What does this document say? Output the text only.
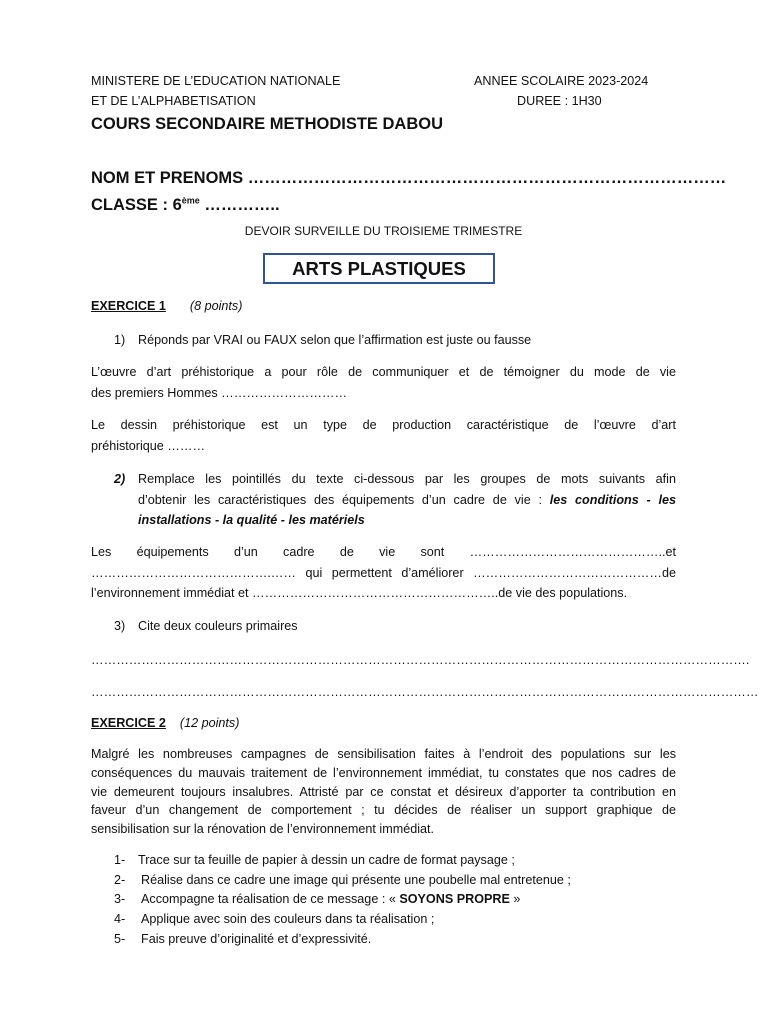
MINISTERE DE L’EDUCATION NATIONALE
ET DE L’ALPHABETISATION
ANNEE SCOLAIRE 2023-2024
DUREE : 1H30
COURS SECONDAIRE METHODISTE DABOU
NOM ET PRENOMS ……………………………………………………………………………
CLASSE : 6ème …………..
DEVOIR SURVEILLE DU TROISIEME TRIMESTRE
ARTS PLASTIQUES
EXERCICE 1 (8 points)
1) Réponds par VRAI ou FAUX selon que l’affirmation est juste ou fausse
L’œuvre d’art préhistorique a pour rôle de communiquer et de témoigner du mode de vie
des premiers Hommes …………………………
Le dessin préhistorique est un type de production caractéristique de l’œuvre d’art
préhistorique ………
2) Remplace les pointillés du texte ci-dessous par les groupes de mots suivants afin
d’obtenir les caractéristiques des équipements d’un cadre de vie : les conditions - les
installations - la qualité - les matériels
Les équipements d’un cadre de vie sont ………………………………………..et
…………………………………….…… qui permettent d’améliorer ………………………………………de
l’environnement immédiat et …………………………………………………..de vie des populations.
3) Cite deux couleurs primaires
………………………………………………………………………………………………………………………………………….
……………………………………………………………………………………………………………………………………………
EXERCICE 2 (12 points)
Malgré les nombreuses campagnes de sensibilisation faites à l’endroit des populations sur les
conséquences du mauvais traitement de l’environnement immédiat, tu constates que nos cadres de
vie demeurent toujours insalubres. Attristé par ce constat et désireux d’apporter ta contribution en
faveur d’un changement de comportement ; tu décides de réaliser un support graphique de
sensibilisation sur la rénovation de l’environnement immédiat.
1- Trace sur ta feuille de papier à dessin un cadre de format paysage ;
2- Réalise dans ce cadre une image qui présente une poubelle mal entretenue ;
3- Accompagne ta réalisation de ce message : « SOYONS PROPRE »
4- Applique avec soin des couleurs dans ta réalisation ;
5- Fais preuve d’originalité et d’expressivité.
